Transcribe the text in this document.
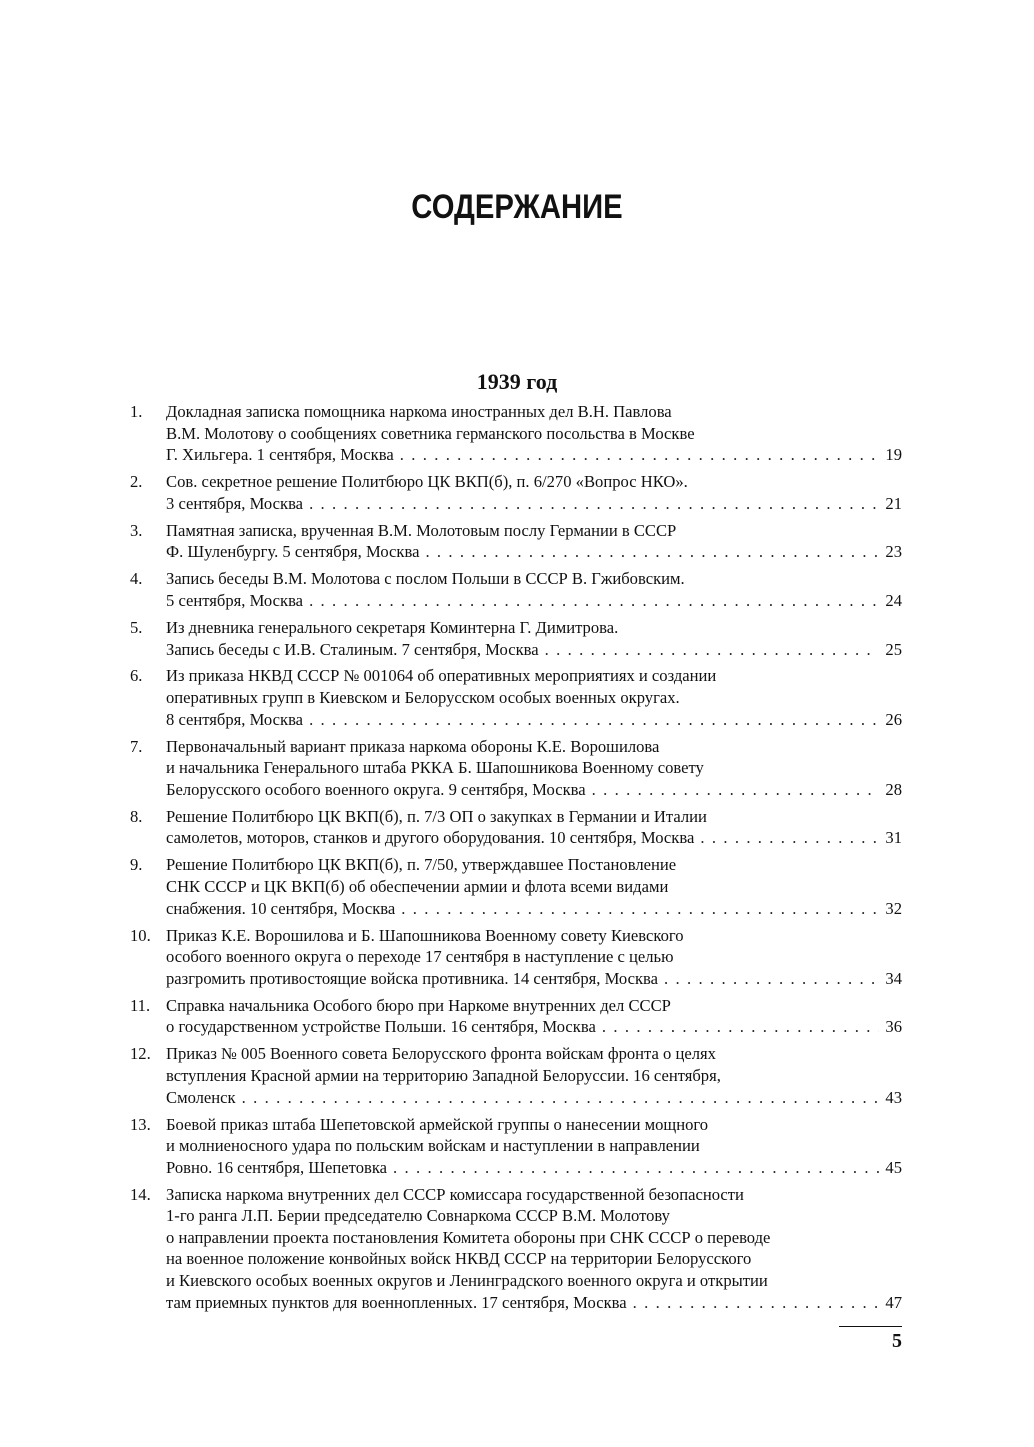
СОДЕРЖАНИЕ
1939 год
1. Докладная записка помощника наркома иностранных дел В.Н. Павлова
В.М. Молотову о сообщениях советника германского посольства в Москве
Г. Хильгера. 1 сентября, Москва . . .	19
2. Сов. секретное решение Политбюро ЦК ВКП(б), п. 6/270 «Вопрос НКО».
3 сентября, Москва . . .	21
3. Памятная записка, врученная В.М. Молотовым послу Германии в СССР
Ф. Шуленбургу. 5 сентября, Москва . . .	23
4. Запись беседы В.М. Молотова с послом Польши в СССР В. Гжибовским.
5 сентября, Москва . . .	24
5. Из дневника генерального секретаря Коминтерна Г. Димитрова.
Запись беседы с И.В. Сталиным. 7 сентября, Москва . . .	25
6. Из приказа НКВД СССР № 001064 об оперативных мероприятиях и создании
оперативных групп в Киевском и Белорусском особых военных округах.
8 сентября, Москва . . .	26
7. Первоначальный вариант приказа наркома обороны К.Е. Ворошилова
и начальника Генерального штаба РККА Б. Шапошникова Военному совету
Белорусского особого военного округа. 9 сентября, Москва . . .	28
8. Решение Политбюро ЦК ВКП(б), п. 7/3 ОП о закупках в Германии и Италии
самолетов, моторов, станков и другого оборудования. 10 сентября, Москва . . .	31
9. Решение Политбюро ЦК ВКП(б), п. 7/50, утверждавшее Постановление
СНК СССР и ЦК ВКП(б) об обеспечении армии и флота всеми видами
снабжения. 10 сентября, Москва . . .	32
10. Приказ К.Е. Ворошилова и Б. Шапошникова Военному совету Киевского
особого военного округа о переходе 17 сентября в наступление с целью
разгромить противостоящие войска противника. 14 сентября, Москва . . .	34
11. Справка начальника Особого бюро при Наркоме внутренних дел СССР
о государственном устройстве Польши. 16 сентября, Москва . . .	36
12. Приказ № 005 Военного совета Белорусского фронта войскам фронта о целях
вступления Красной армии на территорию Западной Белоруссии. 16 сентября,
Смоленск . . .	43
13. Боевой приказ штаба Шепетовской армейской группы о нанесении мощного
и молниеносного удара по польским войскам и наступлении в направлении
Ровно. 16 сентября, Шепетовка . . .	45
14. Записка наркома внутренних дел СССР комиссара государственной безопасности
1-го ранга Л.П. Берии председателю Совнаркома СССР В.М. Молотову
о направлении проекта постановления Комитета обороны при СНК СССР о переводе
на военное положение конвойных войск НКВД СССР на территории Белорусского
и Киевского особых военных округов и Ленинградского военного округа и открытии
там приемных пунктов для военнопленных. 17 сентября, Москва . . .	47
5
